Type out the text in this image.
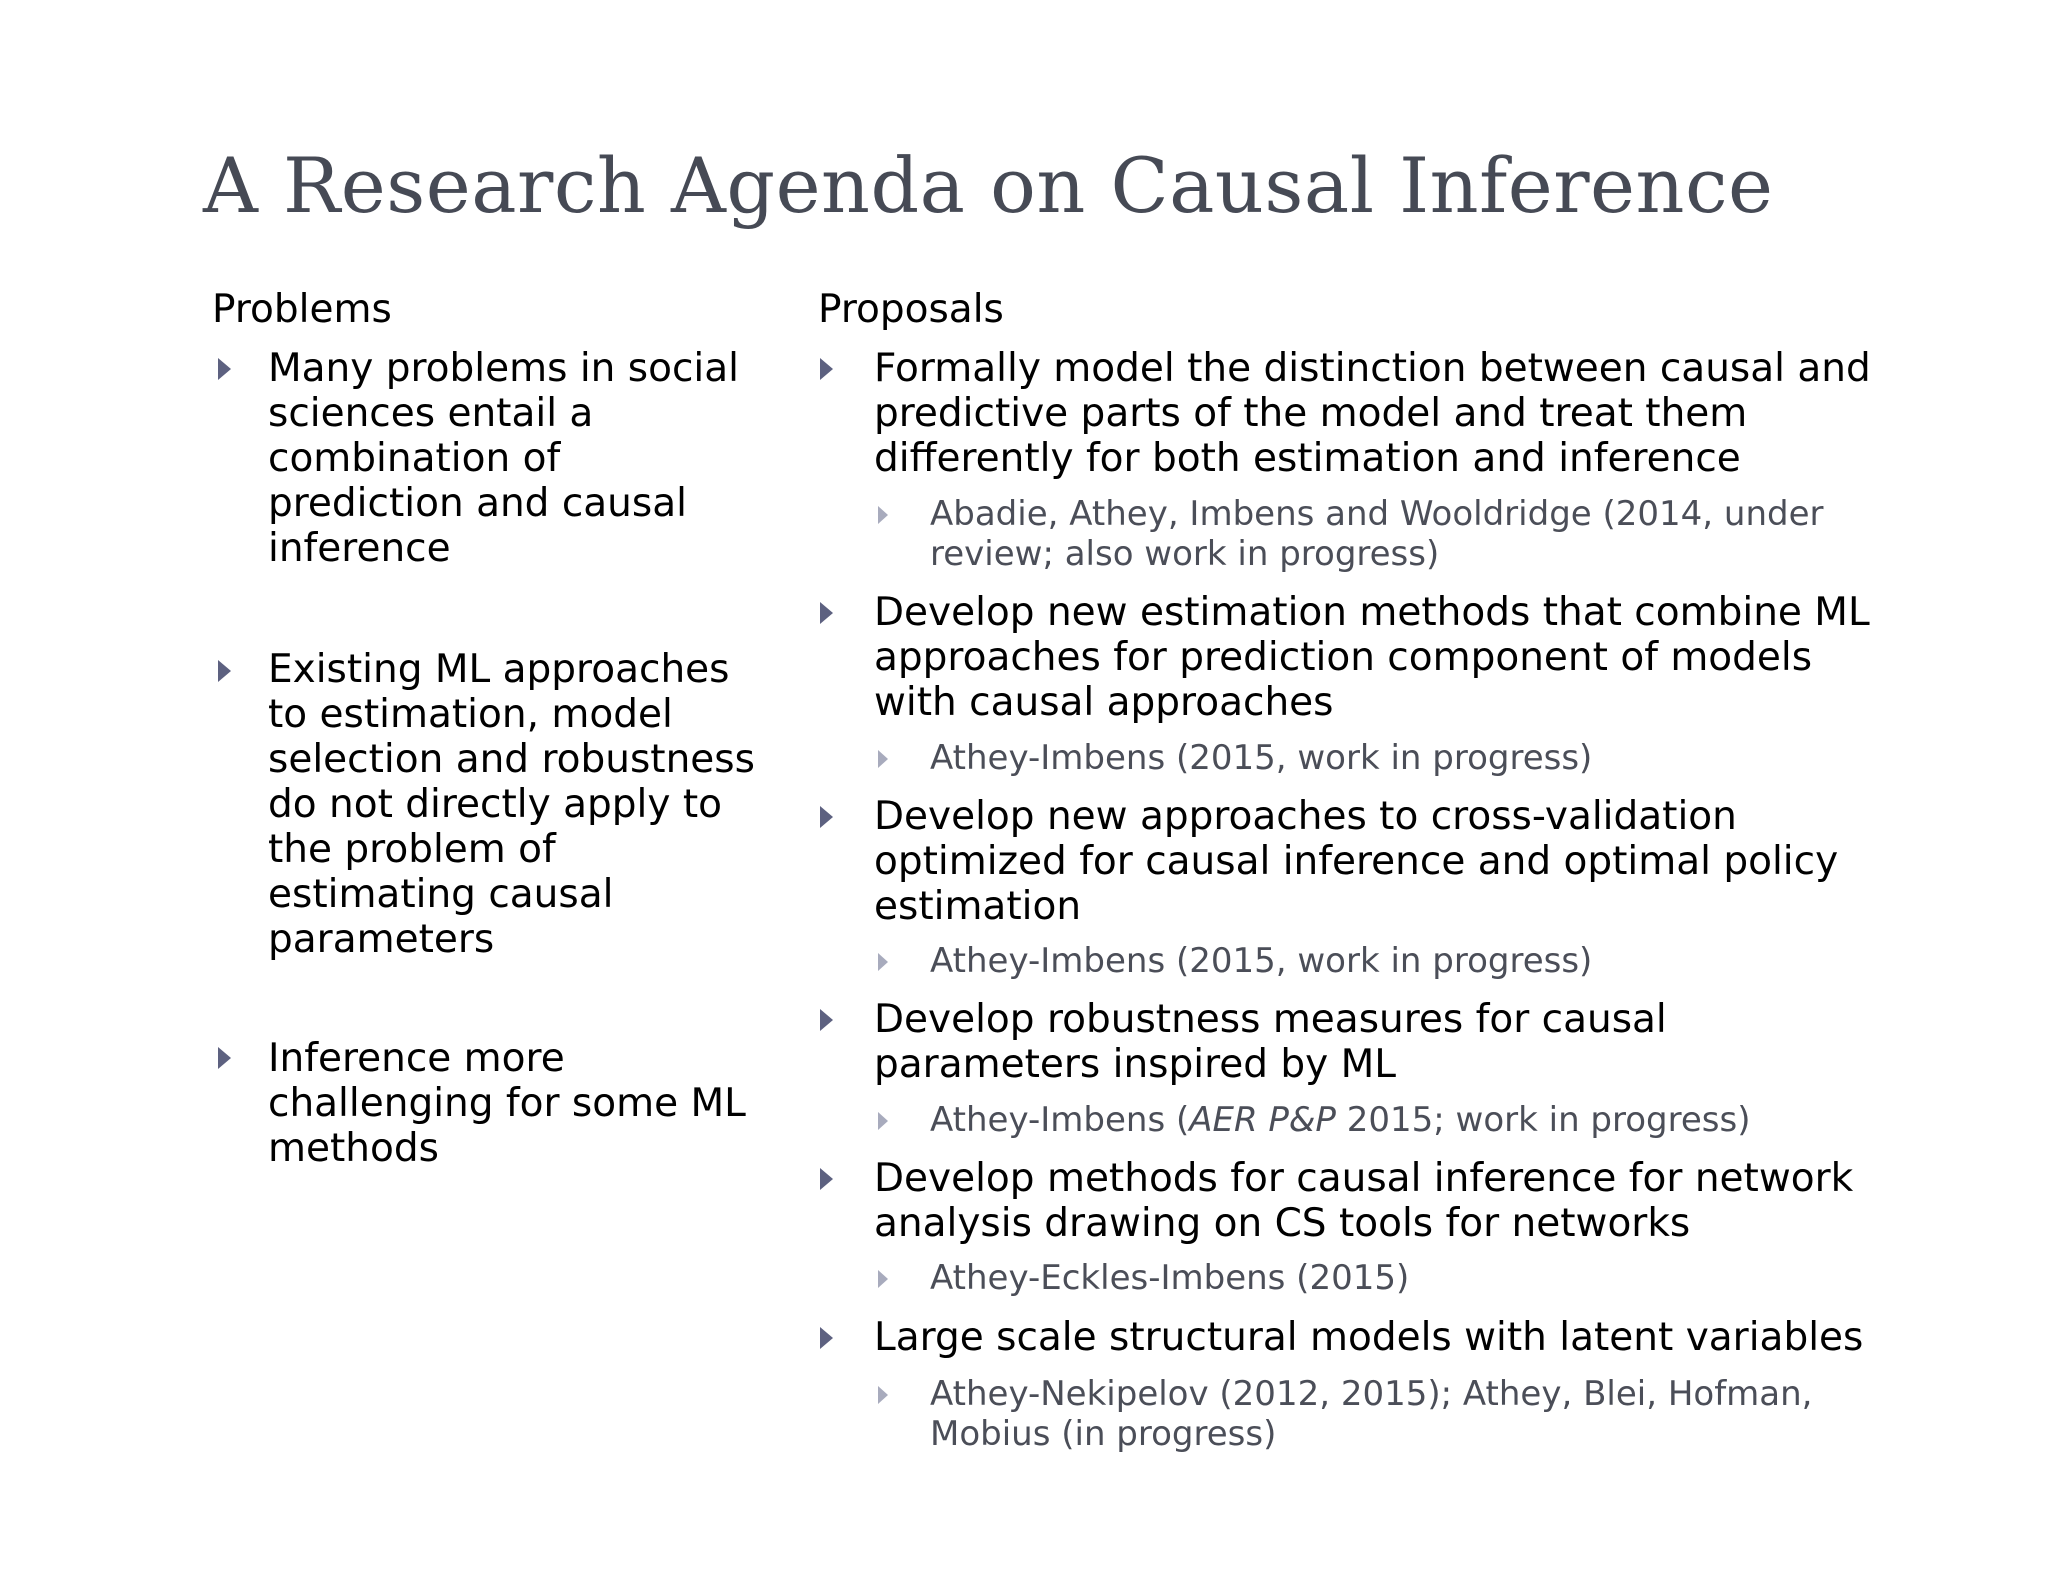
A Research Agenda on Causal Inference
Problems

Many problems in social sciences entail a combination of prediction and causal inference

Existing ML approaches to estimation, model selection and robustness do not directly apply to the problem of estimating causal parameters

Inference more challenging for some ML methods

Proposals

Formally model the distinction between causal and predictive parts of the model and treat them differently for both estimation and inference

Abadie, Athey, Imbens and Wooldridge (2014, under review; also work in progress)

Develop new estimation methods that combine ML approaches for prediction component of models with causal approaches

Athey-Imbens (2015, work in progress)

Develop new approaches to cross-validation optimized for causal inference and optimal policy estimation

Athey-Imbens (2015, work in progress)

Develop robustness measures for causal parameters inspired by ML

Athey-Imbens (AER P&P 2015; work in progress)

Develop methods for causal inference for network analysis drawing on CS tools for networks

Athey-Eckles-Imbens (2015)

Large scale structural models with latent variables

Athey-Nekipelov (2012, 2015); Athey, Blei, Hofman, Mobius (in progress)
